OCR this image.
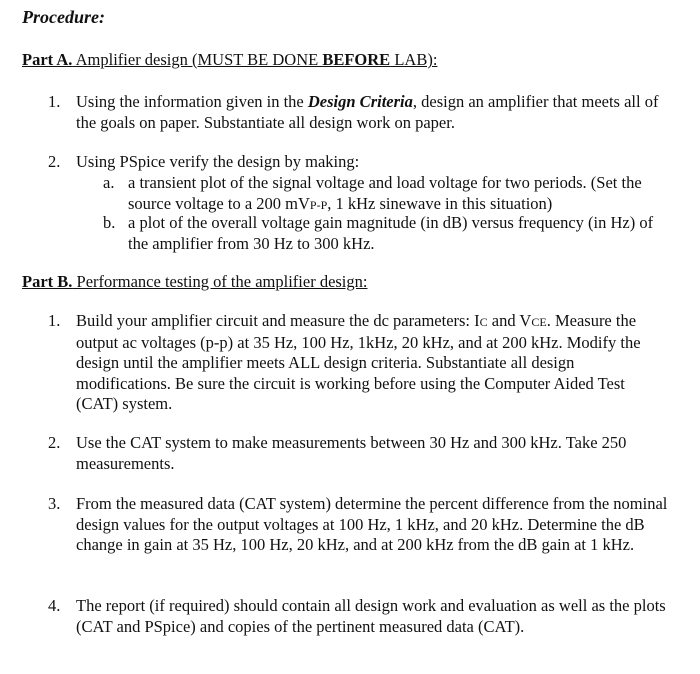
Procedure:
Part A. Amplifier design (MUST BE DONE BEFORE LAB):
1. Using the information given in the Design Criteria, design an amplifier that meets all of the goals on paper. Substantiate all design work on paper.
2. Using PSpice verify the design by making:
a. a transient plot of the signal voltage and load voltage for two periods. (Set the source voltage to a 200 mVP-P, 1 kHz sinewave in this situation)
b. a plot of the overall voltage gain magnitude (in dB) versus frequency (in Hz) of the amplifier from 30 Hz to 300 kHz.
Part B. Performance testing of the amplifier design:
1. Build your amplifier circuit and measure the dc parameters: IC and VCE. Measure the output ac voltages (p-p) at 35 Hz, 100 Hz, 1kHz, 20 kHz, and at 200 kHz. Modify the design until the amplifier meets ALL design criteria. Substantiate all design modifications. Be sure the circuit is working before using the Computer Aided Test (CAT) system.
2. Use the CAT system to make measurements between 30 Hz and 300 kHz. Take 250 measurements.
3. From the measured data (CAT system) determine the percent difference from the nominal design values for the output voltages at 100 Hz, 1 kHz, and 20 kHz. Determine the dB change in gain at 35 Hz, 100 Hz, 20 kHz, and at 200 kHz from the dB gain at 1 kHz.
4. The report (if required) should contain all design work and evaluation as well as the plots (CAT and PSpice) and copies of the pertinent measured data (CAT).
